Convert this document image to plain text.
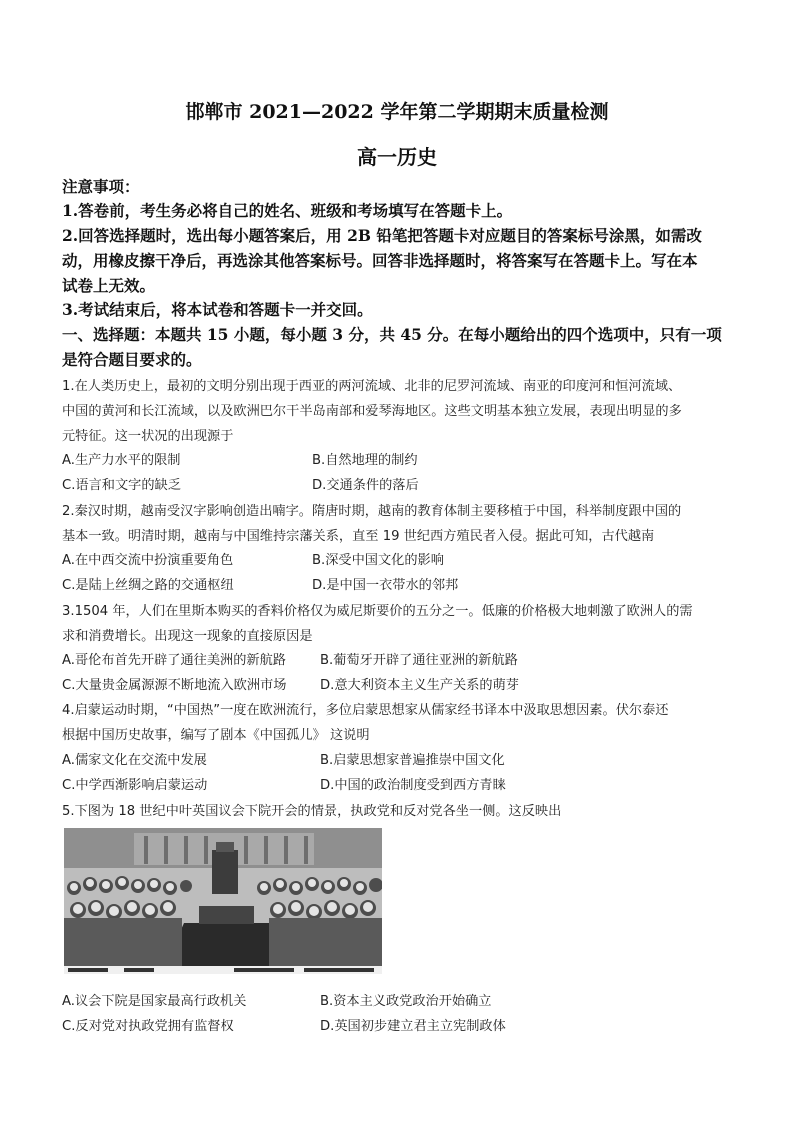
邯郸市 2021—2022 学年第二学期期末质量检测
高一历史
注意事项：
1.答卷前，考生务必将自己的姓名、班级和考场填写在答题卡上。
2.回答选择题时，选出每小题答案后，用 2B 铅笔把答题卡对应题目的答案标号涂黑，如需改
动，用橡皮擦干净后，再选涂其他答案标号。回答非选择题时，将答案写在答题卡上。写在本
试卷上无效。
3.考试结束后，将本试卷和答题卡一并交回。
一、选择题：本题共 15 小题，每小题 3 分，共 45 分。在每小题给出的四个选项中，只有一项
是符合题目要求的。
1.在人类历史上，最初的文明分别出现于西亚的两河流域、北非的尼罗河流域、南亚的印度河和恒河流域、
中国的黄河和长江流域，以及欧洲巴尔干半岛南部和爱琴海地区。这些文明基本独立发展，表现出明显的多
元特征。这一状况的出现源于
A.生产力水平的限制	B.自然地理的制约
C.语言和文字的缺乏	D.交通条件的落后
2.秦汉时期，越南受汉字影响创造出喃字。隋唐时期，越南的教育体制主要移植于中国，科举制度跟中国的
基本一致。明清时期，越南与中国维持宗藩关系，直至 19 世纪西方殖民者入侵。据此可知，古代越南
A.在中西交流中扮演重要角色	B.深受中国文化的影响
C.是陆上丝绸之路的交通枢纽	D.是中国一衣带水的邻邦
3.1504 年，人们在里斯本购买的香料价格仅为威尼斯要价的五分之一。低廉的价格极大地刺激了欧洲人的需
求和消费增长。出现这一现象的直接原因是
A.哥伦布首先开辟了通往美洲的新航路	B.葡萄牙开辟了通往亚洲的新航路
C.大量贵金属源源不断地流入欧洲市场	D.意大利资本主义生产关系的萌芽
4.启蒙运动时期，“中国热”一度在欧洲流行，多位启蒙思想家从儒家经书译本中汲取思想因素。伏尔泰还
根据中国历史故事，编写了剧本《中国孤儿》 这说明
A.儒家文化在交流中发展	B.启蒙思想家普遍推崇中国文化
C.中学西渐影响启蒙运动	D.中国的政治制度受到西方青睐
5.下图为 18 世纪中叶英国议会下院开会的情景，执政党和反对党各坐一侧。这反映出
A.议会下院是国家最高行政机关	B.资本主义政党政治开始确立
C.反对党对执政党拥有监督权	D.英国初步建立君主立宪制政体
